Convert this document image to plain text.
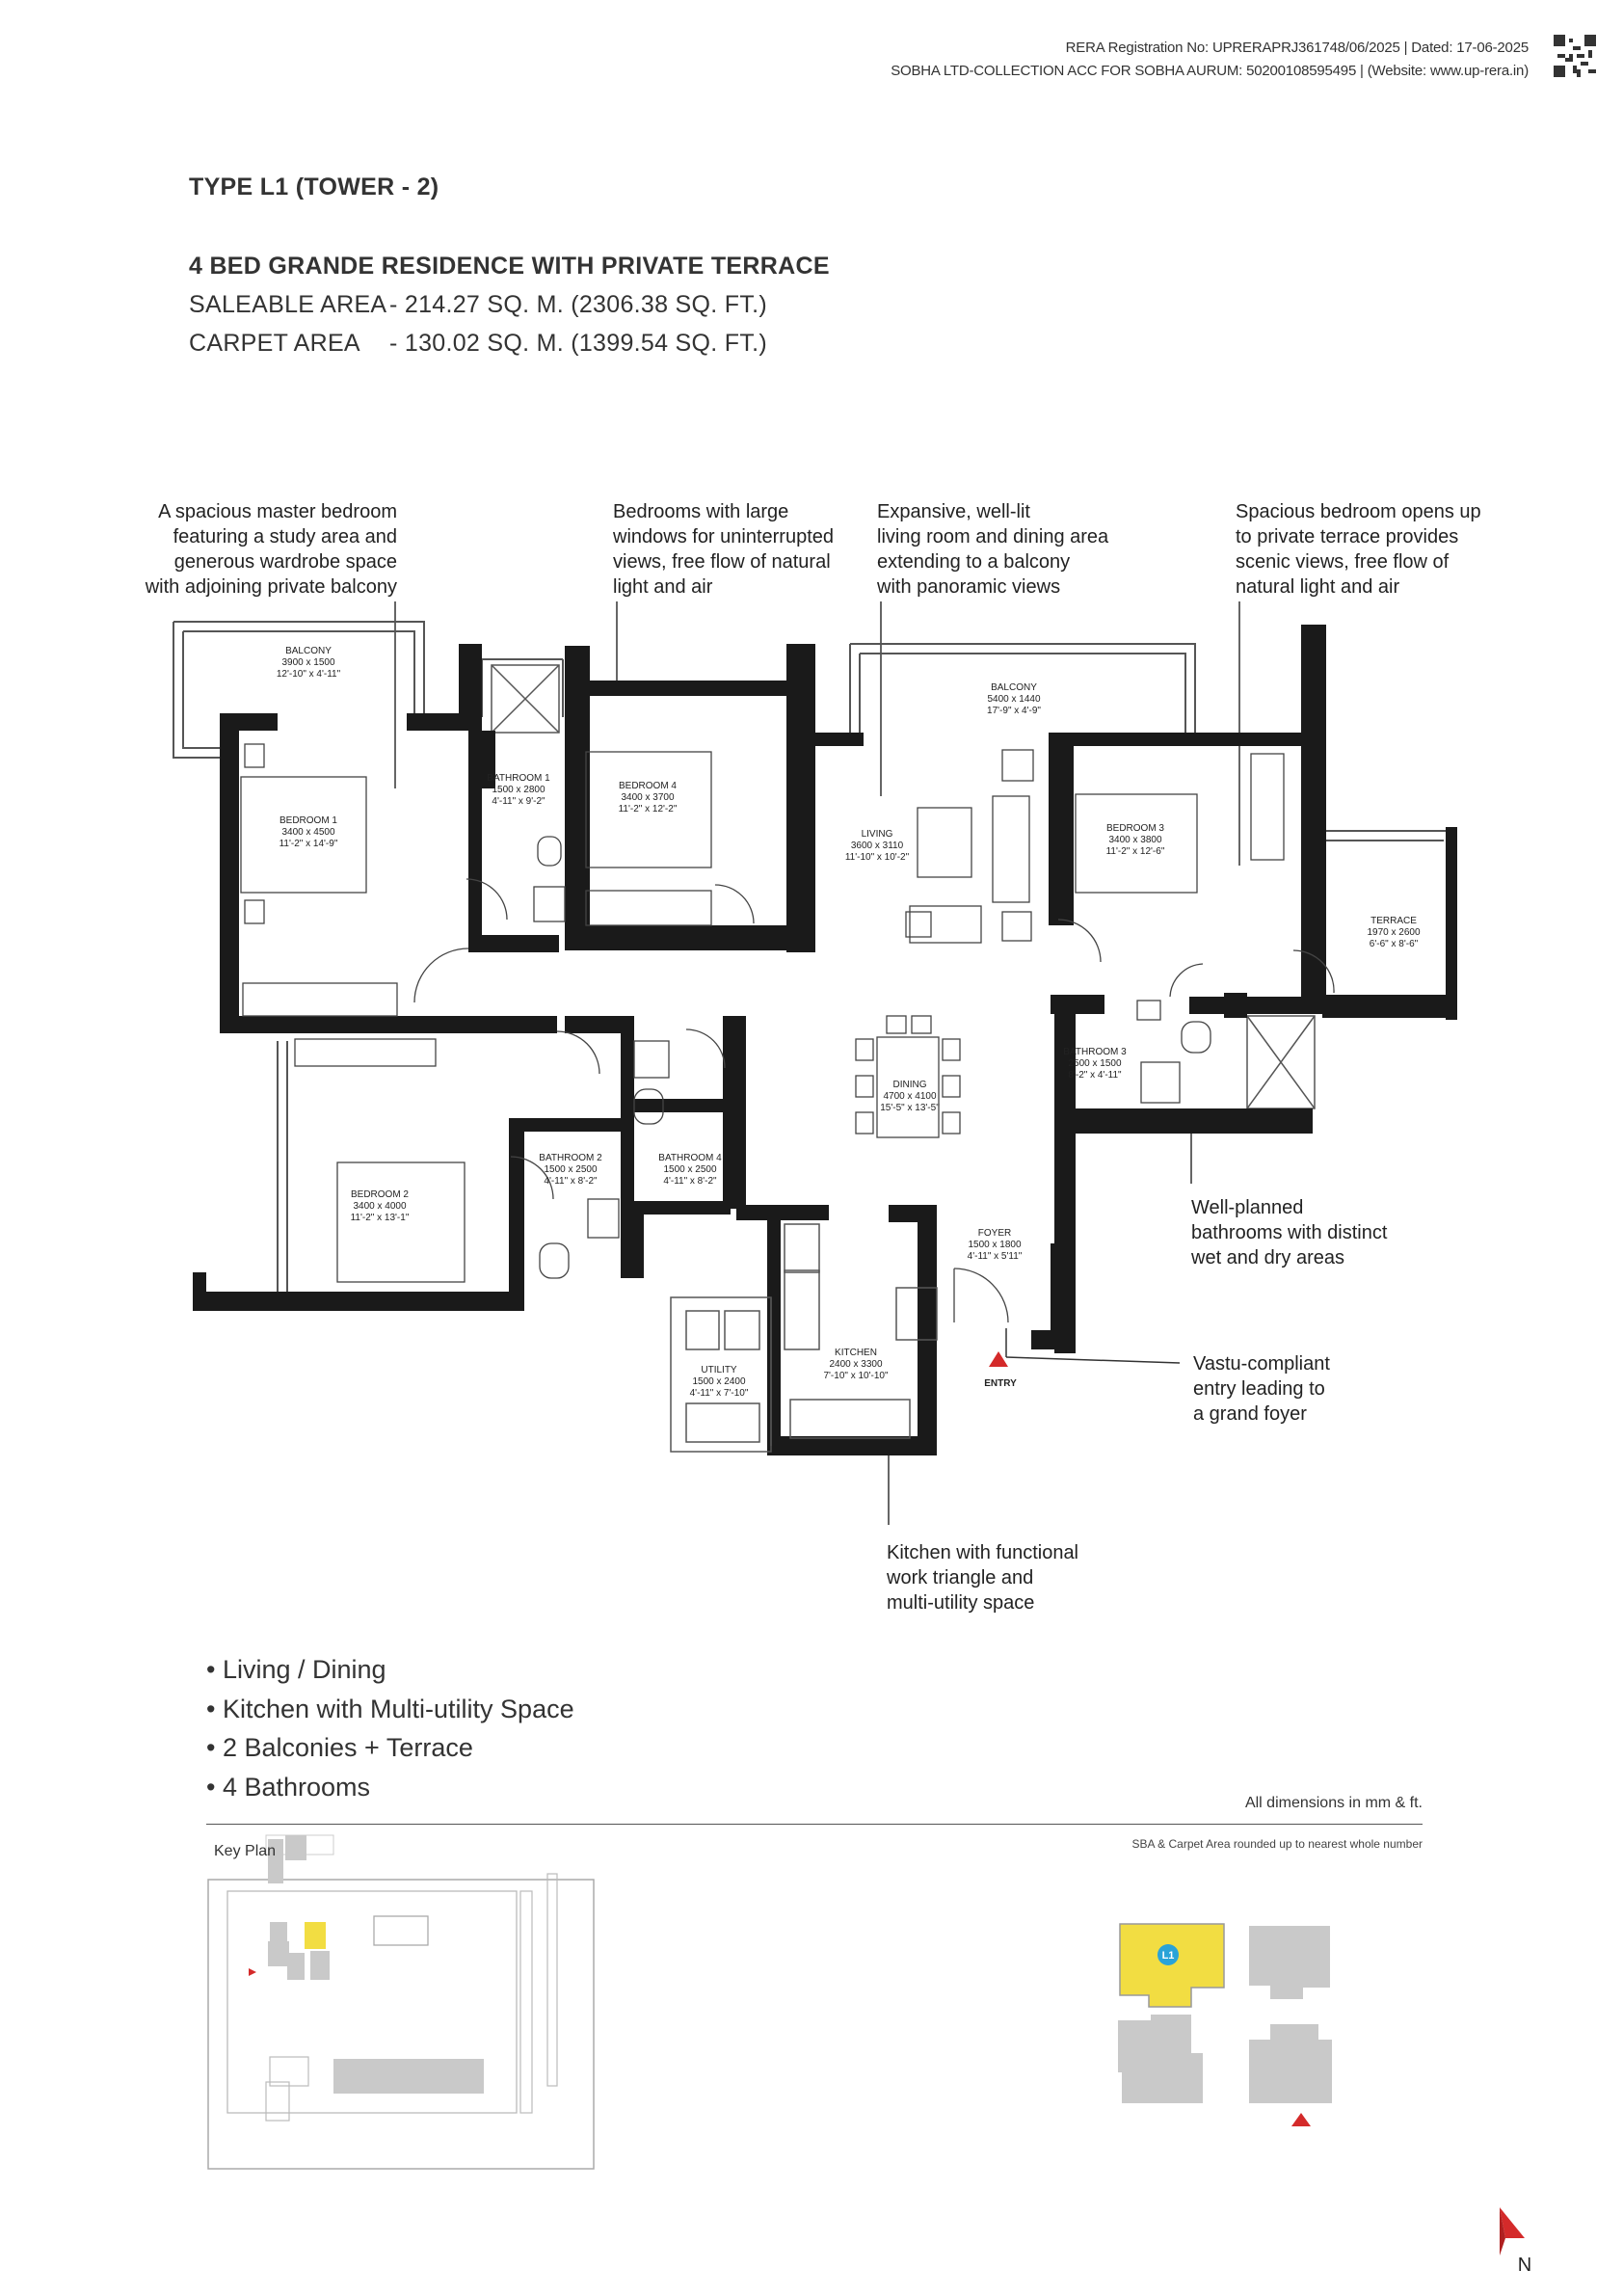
RERA Registration No: UPRERAPRJ361748/06/2025 | Dated: 17-06-2025
SOBHA LTD-COLLECTION ACC FOR SOBHA AURUM: 50200108595495 | (Website: www.up-rera.in)
TYPE L1 (TOWER - 2)
4 BED GRANDE RESIDENCE WITH PRIVATE TERRACE
SALEABLE AREA - 214.27 SQ. M. (2306.38 SQ. FT.)
CARPET AREA - 130.02 SQ. M. (1399.54 SQ. FT.)
A spacious master bedroom
featuring a study area and
generous wardrobe space
with adjoining private balcony
Bedrooms with large
windows for uninterrupted
views, free flow of natural
light and air
Expansive, well-lit
living room and dining area
extending to a balcony
with panoramic views
Spacious bedroom opens up
to private terrace provides
scenic views, free flow of
natural light and air
Well-planned
bathrooms with distinct
wet and dry areas
Vastu-compliant
entry leading to
a grand foyer
Kitchen with functional
work triangle and
multi-utility space
BALCONY
3900 x 1500
12'-10" x 4'-11"
BALCONY
5400 x 1440
17'-9" x 4'-9"
BEDROOM 1
3400 x 4500
11'-2" x 14'-9"
BATHROOM 1
1500 x 2800
4'-11" x 9'-2"
BEDROOM 4
3400 x 3700
11'-2" x 12'-2"
LIVING
3600 x 3110
11'-10" x 10'-2"
BEDROOM 3
3400 x 3800
11'-2" x 12'-6"
TERRACE
1970 x 2600
6'-6" x 8'-6"
DINING
4700 x 4100
15'-5" x 13'-5"
BATHROOM 3
2500 x 1500
8'-2" x 4'-11"
BEDROOM 2
3400 x 4000
11'-2" x 13'-1"
BATHROOM 2
1500 x 2500
4'-11" x 8'-2"
BATHROOM 4
1500 x 2500
4'-11" x 8'-2"
FOYER
1500 x 1800
4'-11" x 5'11"
KITCHEN
2400 x 3300
7'-10" x 10'-10"
UTILITY
1500 x 2400
4'-11" x 7'-10"
ENTRY
L1
N
• Living / Dining
• Kitchen with Multi-utility Space
• 2 Balconies + Terrace
• 4 Bathrooms
All dimensions in mm & ft.
SBA & Carpet Area rounded up to nearest whole number
Key Plan
